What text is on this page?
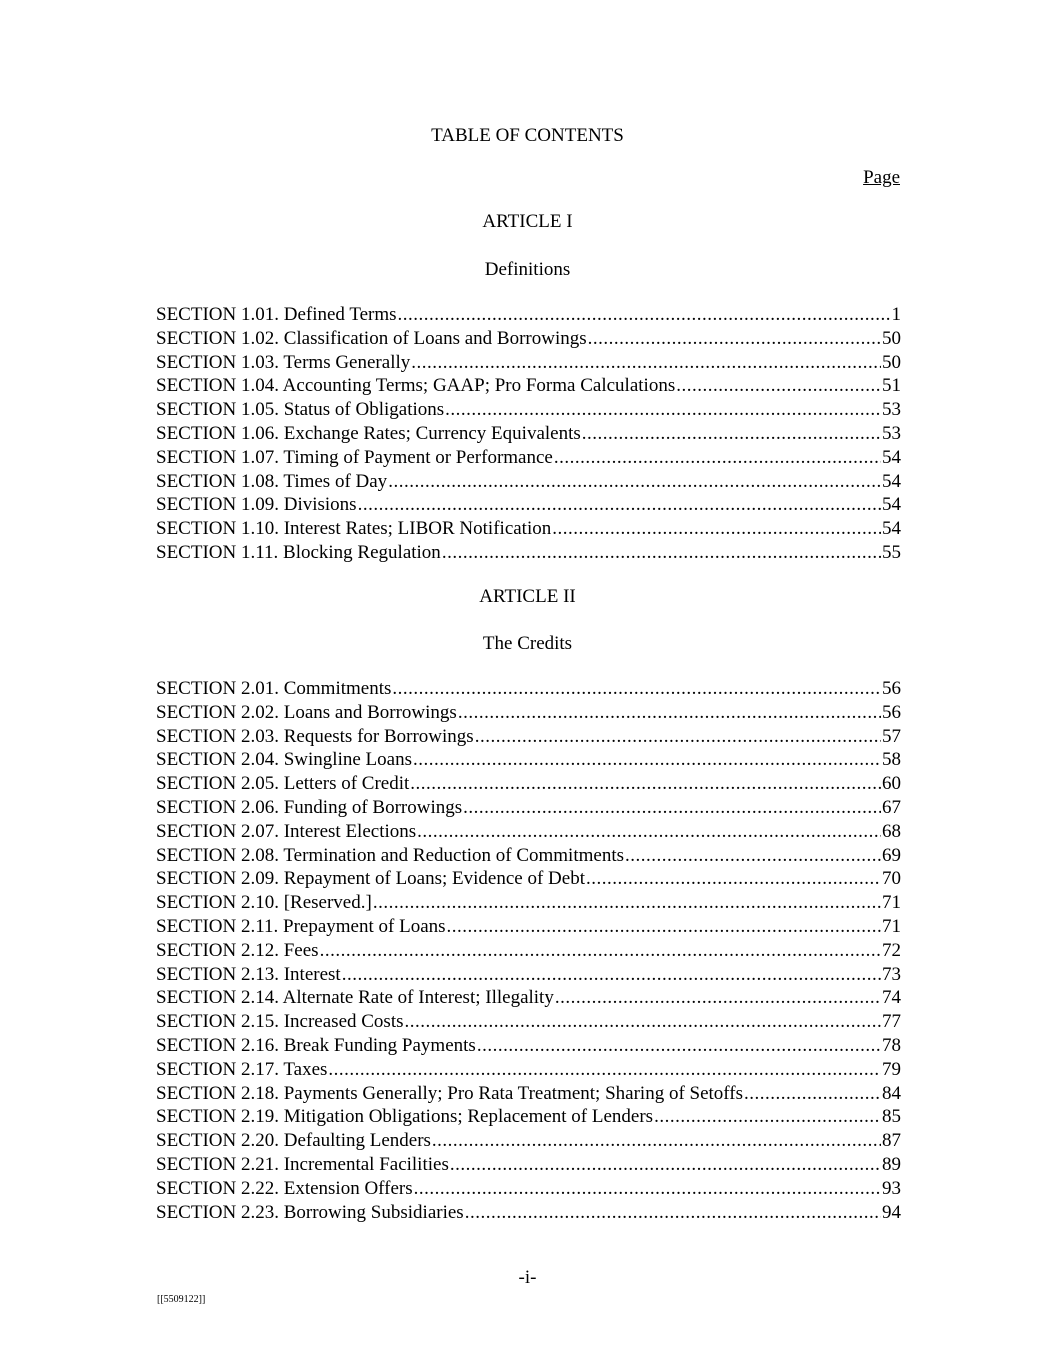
TABLE OF CONTENTS
Page
ARTICLE I
Definitions
SECTION 1.01. Defined Terms .....	1
SECTION 1.02. Classification of Loans and Borrowings .....	50
SECTION 1.03. Terms Generally .....	50
SECTION 1.04. Accounting Terms; GAAP; Pro Forma Calculations .....	51
SECTION 1.05. Status of Obligations .....	53
SECTION 1.06. Exchange Rates; Currency Equivalents .....	53
SECTION 1.07. Timing of Payment or Performance .....	54
SECTION 1.08. Times of Day .....	54
SECTION 1.09. Divisions .....	54
SECTION 1.10. Interest Rates; LIBOR Notification .....	54
SECTION 1.11. Blocking Regulation .....	55
ARTICLE II
The Credits
SECTION 2.01. Commitments .....	56
SECTION 2.02. Loans and Borrowings .....	56
SECTION 2.03. Requests for Borrowings .....	57
SECTION 2.04. Swingline Loans .....	58
SECTION 2.05. Letters of Credit .....	60
SECTION 2.06. Funding of Borrowings .....	67
SECTION 2.07. Interest Elections .....	68
SECTION 2.08. Termination and Reduction of Commitments .....	69
SECTION 2.09. Repayment of Loans; Evidence of Debt .....	70
SECTION 2.10. [Reserved.] .....	71
SECTION 2.11. Prepayment of Loans .....	71
SECTION 2.12. Fees .....	72
SECTION 2.13. Interest .....	73
SECTION 2.14. Alternate Rate of Interest; Illegality .....	74
SECTION 2.15. Increased Costs .....	77
SECTION 2.16. Break Funding Payments .....	78
SECTION 2.17. Taxes .....	79
SECTION 2.18. Payments Generally; Pro Rata Treatment; Sharing of Setoffs .....	84
SECTION 2.19. Mitigation Obligations; Replacement of Lenders .....	85
SECTION 2.20. Defaulting Lenders .....	87
SECTION 2.21. Incremental Facilities .....	89
SECTION 2.22. Extension Offers .....	93
SECTION 2.23. Borrowing Subsidiaries .....	94
-i-
[[5509122]]
